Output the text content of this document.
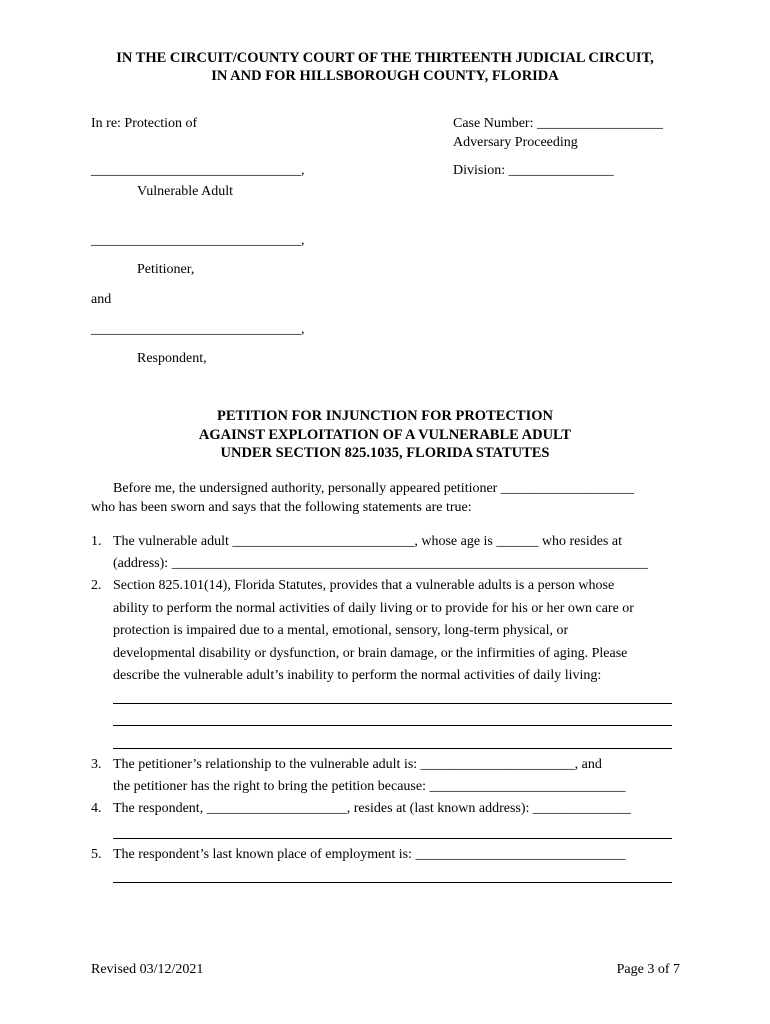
IN THE CIRCUIT/COUNTY COURT OF THE THIRTEENTH JUDICIAL CIRCUIT,
IN AND FOR HILLSBOROUGH COUNTY, FLORIDA
In re: Protection of
______________________________,
Vulnerable Adult
______________________________,
Petitioner,
and
______________________________,
Respondent,
Case Number: __________________
Adversary Proceeding
Division: _______________
PETITION FOR INJUNCTION FOR PROTECTION
AGAINST EXPLOITATION OF A VULNERABLE ADULT
UNDER SECTION 825.1035, FLORIDA STATUTES
Before me, the undersigned authority, personally appeared petitioner ___________________
who has been sworn and says that the following statements are true:
1. The vulnerable adult __________________________, whose age is ______ who resides at
(address): ____________________________________________________________________
2. Section 825.101(14), Florida Statutes, provides that a vulnerable adults is a person whose
ability to perform the normal activities of daily living or to provide for his or her own care or
protection is impaired due to a mental, emotional, sensory, long-term physical, or
developmental disability or dysfunction, or brain damage, or the infirmities of aging. Please
describe the vulnerable adult’s inability to perform the normal activities of daily living:
3. The petitioner’s relationship to the vulnerable adult is: ______________________, and
the petitioner has the right to bring the petition because: ____________________________
4. The respondent, ____________________, resides at (last known address): ______________
5. The respondent’s last known place of employment is: ______________________________
Revised 03/12/2021	Page 3 of 7
